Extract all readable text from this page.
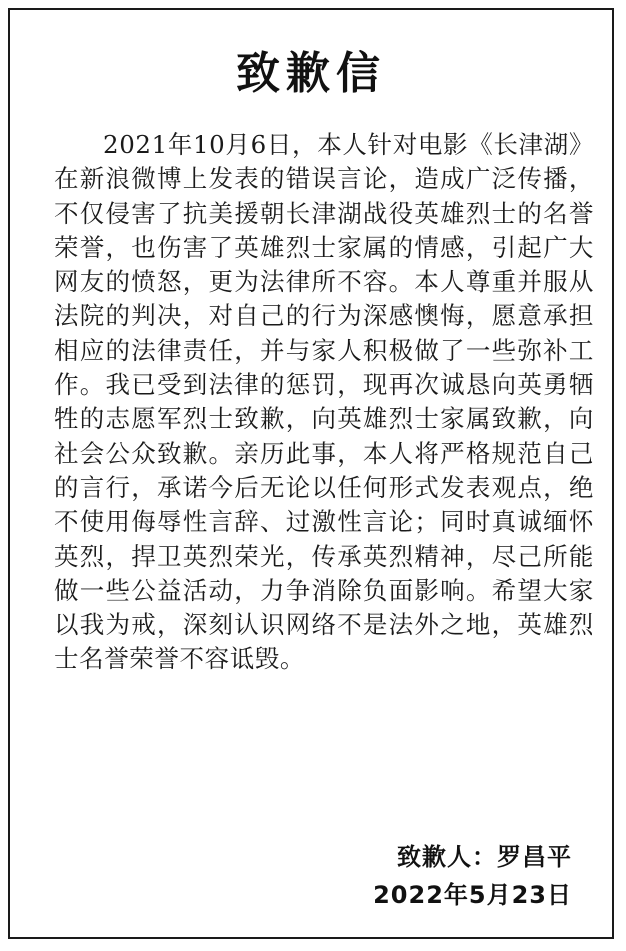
致歉信

2021年10月6日，本人针对电影《长津湖》在新浪微博上发表的错误言论，造成广泛传播，不仅侵害了抗美援朝长津湖战役英雄烈士的名誉荣誉，也伤害了英雄烈士家属的情感，引起广大网友的愤怒，更为法律所不容。本人尊重并服从法院的判决，对自己的行为深感懊悔，愿意承担相应的法律责任，并与家人积极做了一些弥补工作。我已受到法律的惩罚，现再次诚恳向英勇牺牲的志愿军烈士致歉，向英雄烈士家属致歉，向社会公众致歉。亲历此事，本人将严格规范自己的言行，承诺今后无论以任何形式发表观点，绝不使用侮辱性言辞、过激性言论；同时真诚缅怀英烈，捍卫英烈荣光，传承英烈精神，尽己所能做一些公益活动，力争消除负面影响。希望大家以我为戒，深刻认识网络不是法外之地，英雄烈士名誉荣誉不容诋毁。

致歉人：罗昌平
2022年5月23日
